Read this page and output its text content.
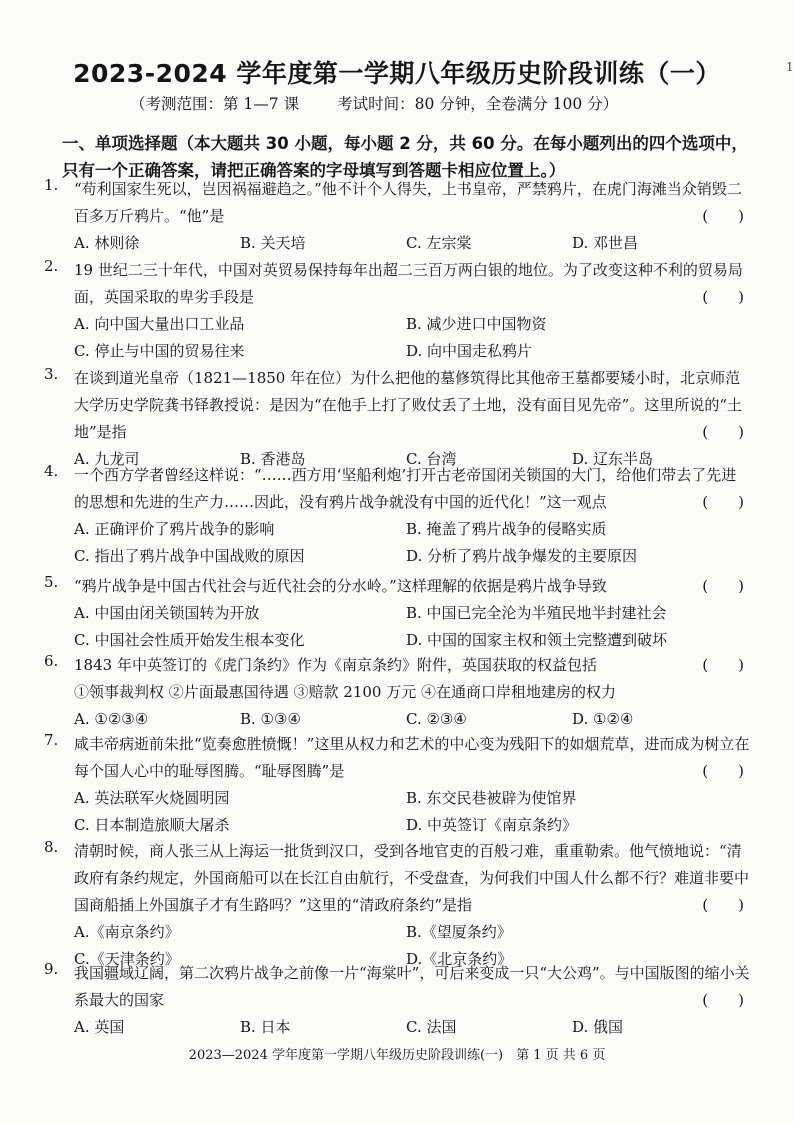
2023-2024 学年度第一学期八年级历史阶段训练（一）
（考测范围：第 1—7 课 考试时间：80 分钟，全卷满分 100 分）
1
一、单项选择题（本大题共 30 小题，每小题 2 分，共 60 分。在每小题列出的四个选项中，只有一个正确答案，请把正确答案的字母填写到答题卡相应位置上。）
1. “苟利国家生死以，岂因祸福避趋之。”他不计个人得失，上书皇帝，严禁鸦片，在虎门海滩当众销毁二百多万斤鸦片。“他”是	(　　)
A. 林则徐	B. 关天培	C. 左宗棠	D. 邓世昌
2. 19 世纪二三十年代，中国对英贸易保持每年出超二三百万两白银的地位。为了改变这种不利的贸易局面，英国采取的卑劣手段是	(　　)
A. 向中国大量出口工业品	B. 减少进口中国物资
C. 停止与中国的贸易往来	D. 向中国走私鸦片
3. 在谈到道光皇帝（1821—1850 年在位）为什么把他的墓修筑得比其他帝王墓都要矮小时，北京师范大学历史学院龚书铎教授说：是因为“在他手上打了败仗丢了土地，没有面目见先帝”。这里所说的“土地”是指	(　　)
A. 九龙司	B. 香港岛	C. 台湾	D. 辽东半岛
4. 一个西方学者曾经这样说：“……西方用‘坚船利炮’打开古老帝国闭关锁国的大门，给他们带去了先进的思想和先进的生产力……因此，没有鸦片战争就没有中国的近代化！”这一观点	(　　)
A. 正确评价了鸦片战争的影响	B. 掩盖了鸦片战争的侵略实质
C. 指出了鸦片战争中国战败的原因	D. 分析了鸦片战争爆发的主要原因
5. “鸦片战争是中国古代社会与近代社会的分水岭。”这样理解的依据是鸦片战争导致	(　　)
A. 中国由闭关锁国转为开放	B. 中国已完全沦为半殖民地半封建社会
C. 中国社会性质开始发生根本变化	D. 中国的国家主权和领土完整遭到破坏
6. 1843 年中英签订的《虎门条约》作为《南京条约》附件，英国获取的权益包括	(　　)
①领事裁判权 ②片面最惠国待遇 ③赔款 2100 万元 ④在通商口岸租地建房的权力
A. ①②③④	B. ①③④	C. ②③④	D. ①②④
7. 咸丰帝病逝前朱批“览奏愈胜愤慨！”这里从权力和艺术的中心变为残阳下的如烟荒草，进而成为树立在每个国人心中的耻辱图腾。“耻辱图腾”是	(　　)
A. 英法联军火烧圆明园	B. 东交民巷被辟为使馆界
C. 日本制造旅顺大屠杀	D. 中英签订《南京条约》
8. 清朝时候，商人张三从上海运一批货到汉口，受到各地官吏的百般刁难，重重勒索。他气愤地说：“清政府有条约规定，外国商船可以在长江自由航行，不受盘查，为何我们中国人什么都不行？难道非要中国商船插上外国旗子才有生路吗？”这里的“清政府条约”是指	(　　)
A.《南京条约》	B.《望厦条约》
C.《天津条约》	D.《北京条约》
9. 我国疆域辽阔，第二次鸦片战争之前像一片“海棠叶”，可后来变成一只“大公鸡”。与中国版图的缩小关系最大的国家	(　　)
A. 英国	B. 日本	C. 法国	D. 俄国
2023—2024 学年度第一学期八年级历史阶段训练(一)　第 1 页 共 6 页
